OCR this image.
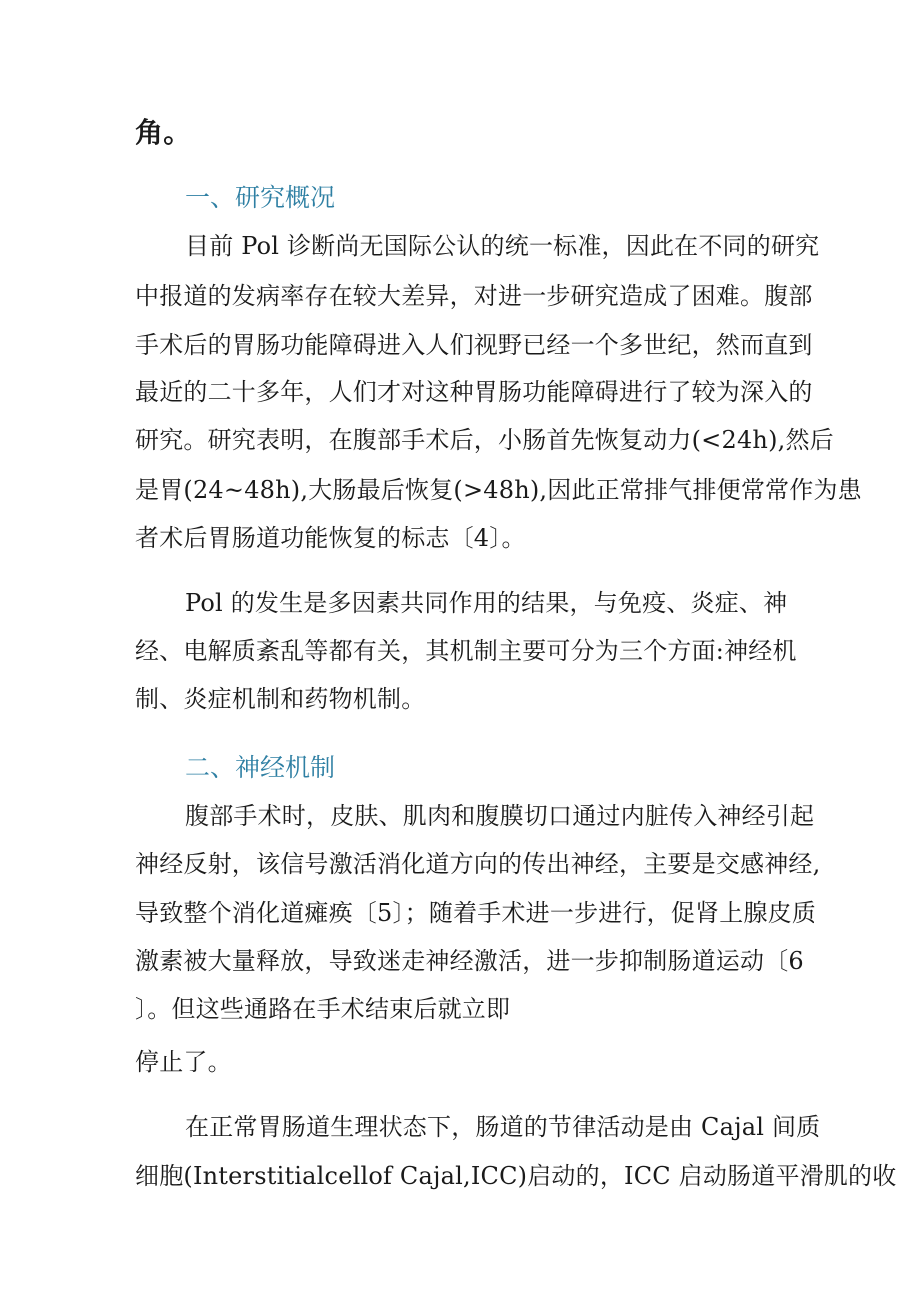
角。
一、研究概况
目前 Pol 诊断尚无国际公认的统一标准，因此在不同的研究
中报道的发病率存在较大差异，对进一步研究造成了困难。腹部
手术后的胃肠功能障碍进入人们视野已经一个多世纪，然而直到
最近的二十多年，人们才对这种胃肠功能障碍进行了较为深入的
研究。研究表明，在腹部手术后，小肠首先恢复动力(<24h),然后
是胃(24~48h),大肠最后恢复(>48h),因此正常排气排便常常作为患
者术后胃肠道功能恢复的标志〔4〕。
Pol 的发生是多因素共同作用的结果，与免疫、炎症、神
经、电解质紊乱等都有关，其机制主要可分为三个方面:神经机
制、炎症机制和药物机制。
二、神经机制
腹部手术时，皮肤、肌肉和腹膜切口通过内脏传入神经引起
神经反射，该信号激活消化道方向的传出神经，主要是交感神经,
导致整个消化道瘫痪〔5〕；随着手术进一步进行，促肾上腺皮质
激素被大量释放，导致迷走神经激活，进一步抑制肠道运动〔6
〕。但这些通路在手术结束后就立即
停止了。
在正常胃肠道生理状态下，肠道的节律活动是由 Cajal 间质
细胞(Interstitialcellof Cajal,ICC)启动的，ICC 启动肠道平滑肌的收
